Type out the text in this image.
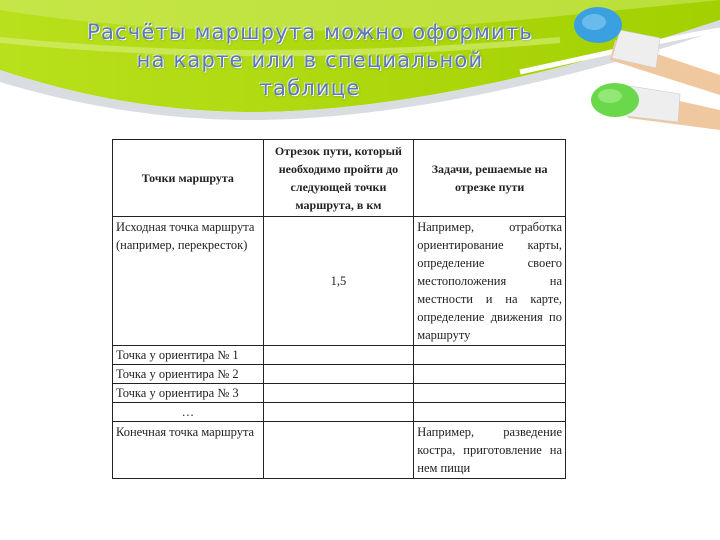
Расчёты маршрута можно оформить
на карте или в специальной
таблице
Точки маршрута	Отрезок пути, который необходимо пройти до следующей точки маршрута, в км	Задачи, решаемые на отрезке пути
Исходная точка маршрута (например, перекресток)	1,5	Например, отработка ориентирование карты, определение своего местоположения на местности и на карте, определение движения по маршруту
Точка у ориентира № 1		
Точка у ориентира № 2		
Точка у ориентира № 3		
…		
Конечная точка маршрута		Например, разведение костра, приготовление на нем пищи
